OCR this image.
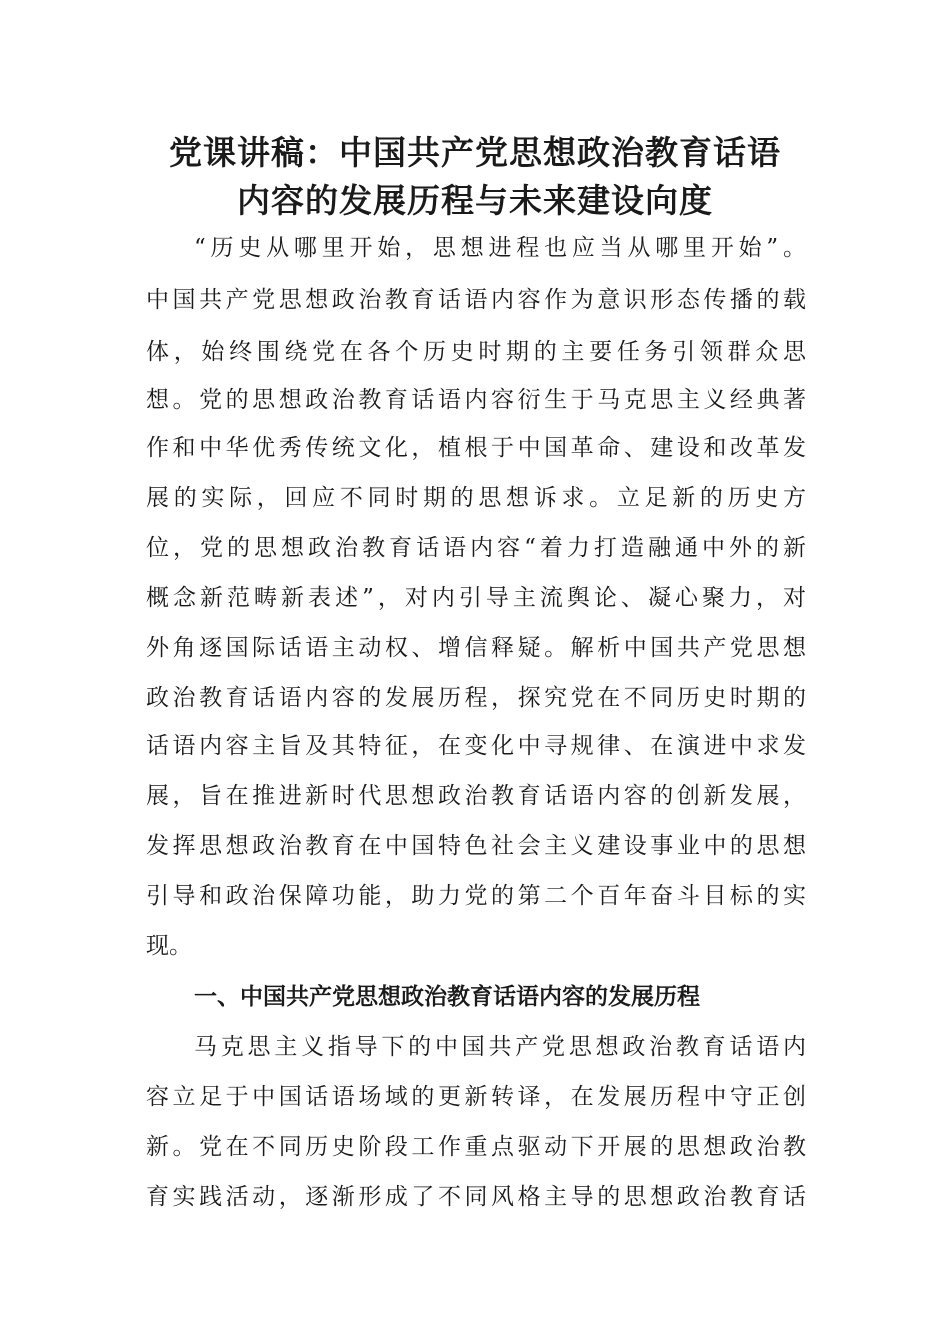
党课讲稿：中国共产党思想政治教育话语
内容的发展历程与未来建设向度

“历史从哪里开始，思想进程也应当从哪里开始”。

中国共产党思想政治教育话语内容作为意识形态传播的载

体，始终围绕党在各个历史时期的主要任务引领群众思

想。党的思想政治教育话语内容衍生于马克思主义经典著

作和中华优秀传统文化，植根于中国革命、建设和改革发

展的实际，回应不同时期的思想诉求。立足新的历史方

位，党的思想政治教育话语内容“着力打造融通中外的新

概念新范畴新表述”，对内引导主流舆论、凝心聚力，对

外角逐国际话语主动权、增信释疑。解析中国共产党思想

政治教育话语内容的发展历程，探究党在不同历史时期的

话语内容主旨及其特征，在变化中寻规律、在演进中求发

展，旨在推进新时代思想政治教育话语内容的创新发展，

发挥思想政治教育在中国特色社会主义建设事业中的思想

引导和政治保障功能，助力党的第二个百年奋斗目标的实

现。

一、中国共产党思想政治教育话语内容的发展历程

马克思主义指导下的中国共产党思想政治教育话语内

容立足于中国话语场域的更新转译，在发展历程中守正创

新。党在不同历史阶段工作重点驱动下开展的思想政治教

育实践活动，逐渐形成了不同风格主导的思想政治教育话
